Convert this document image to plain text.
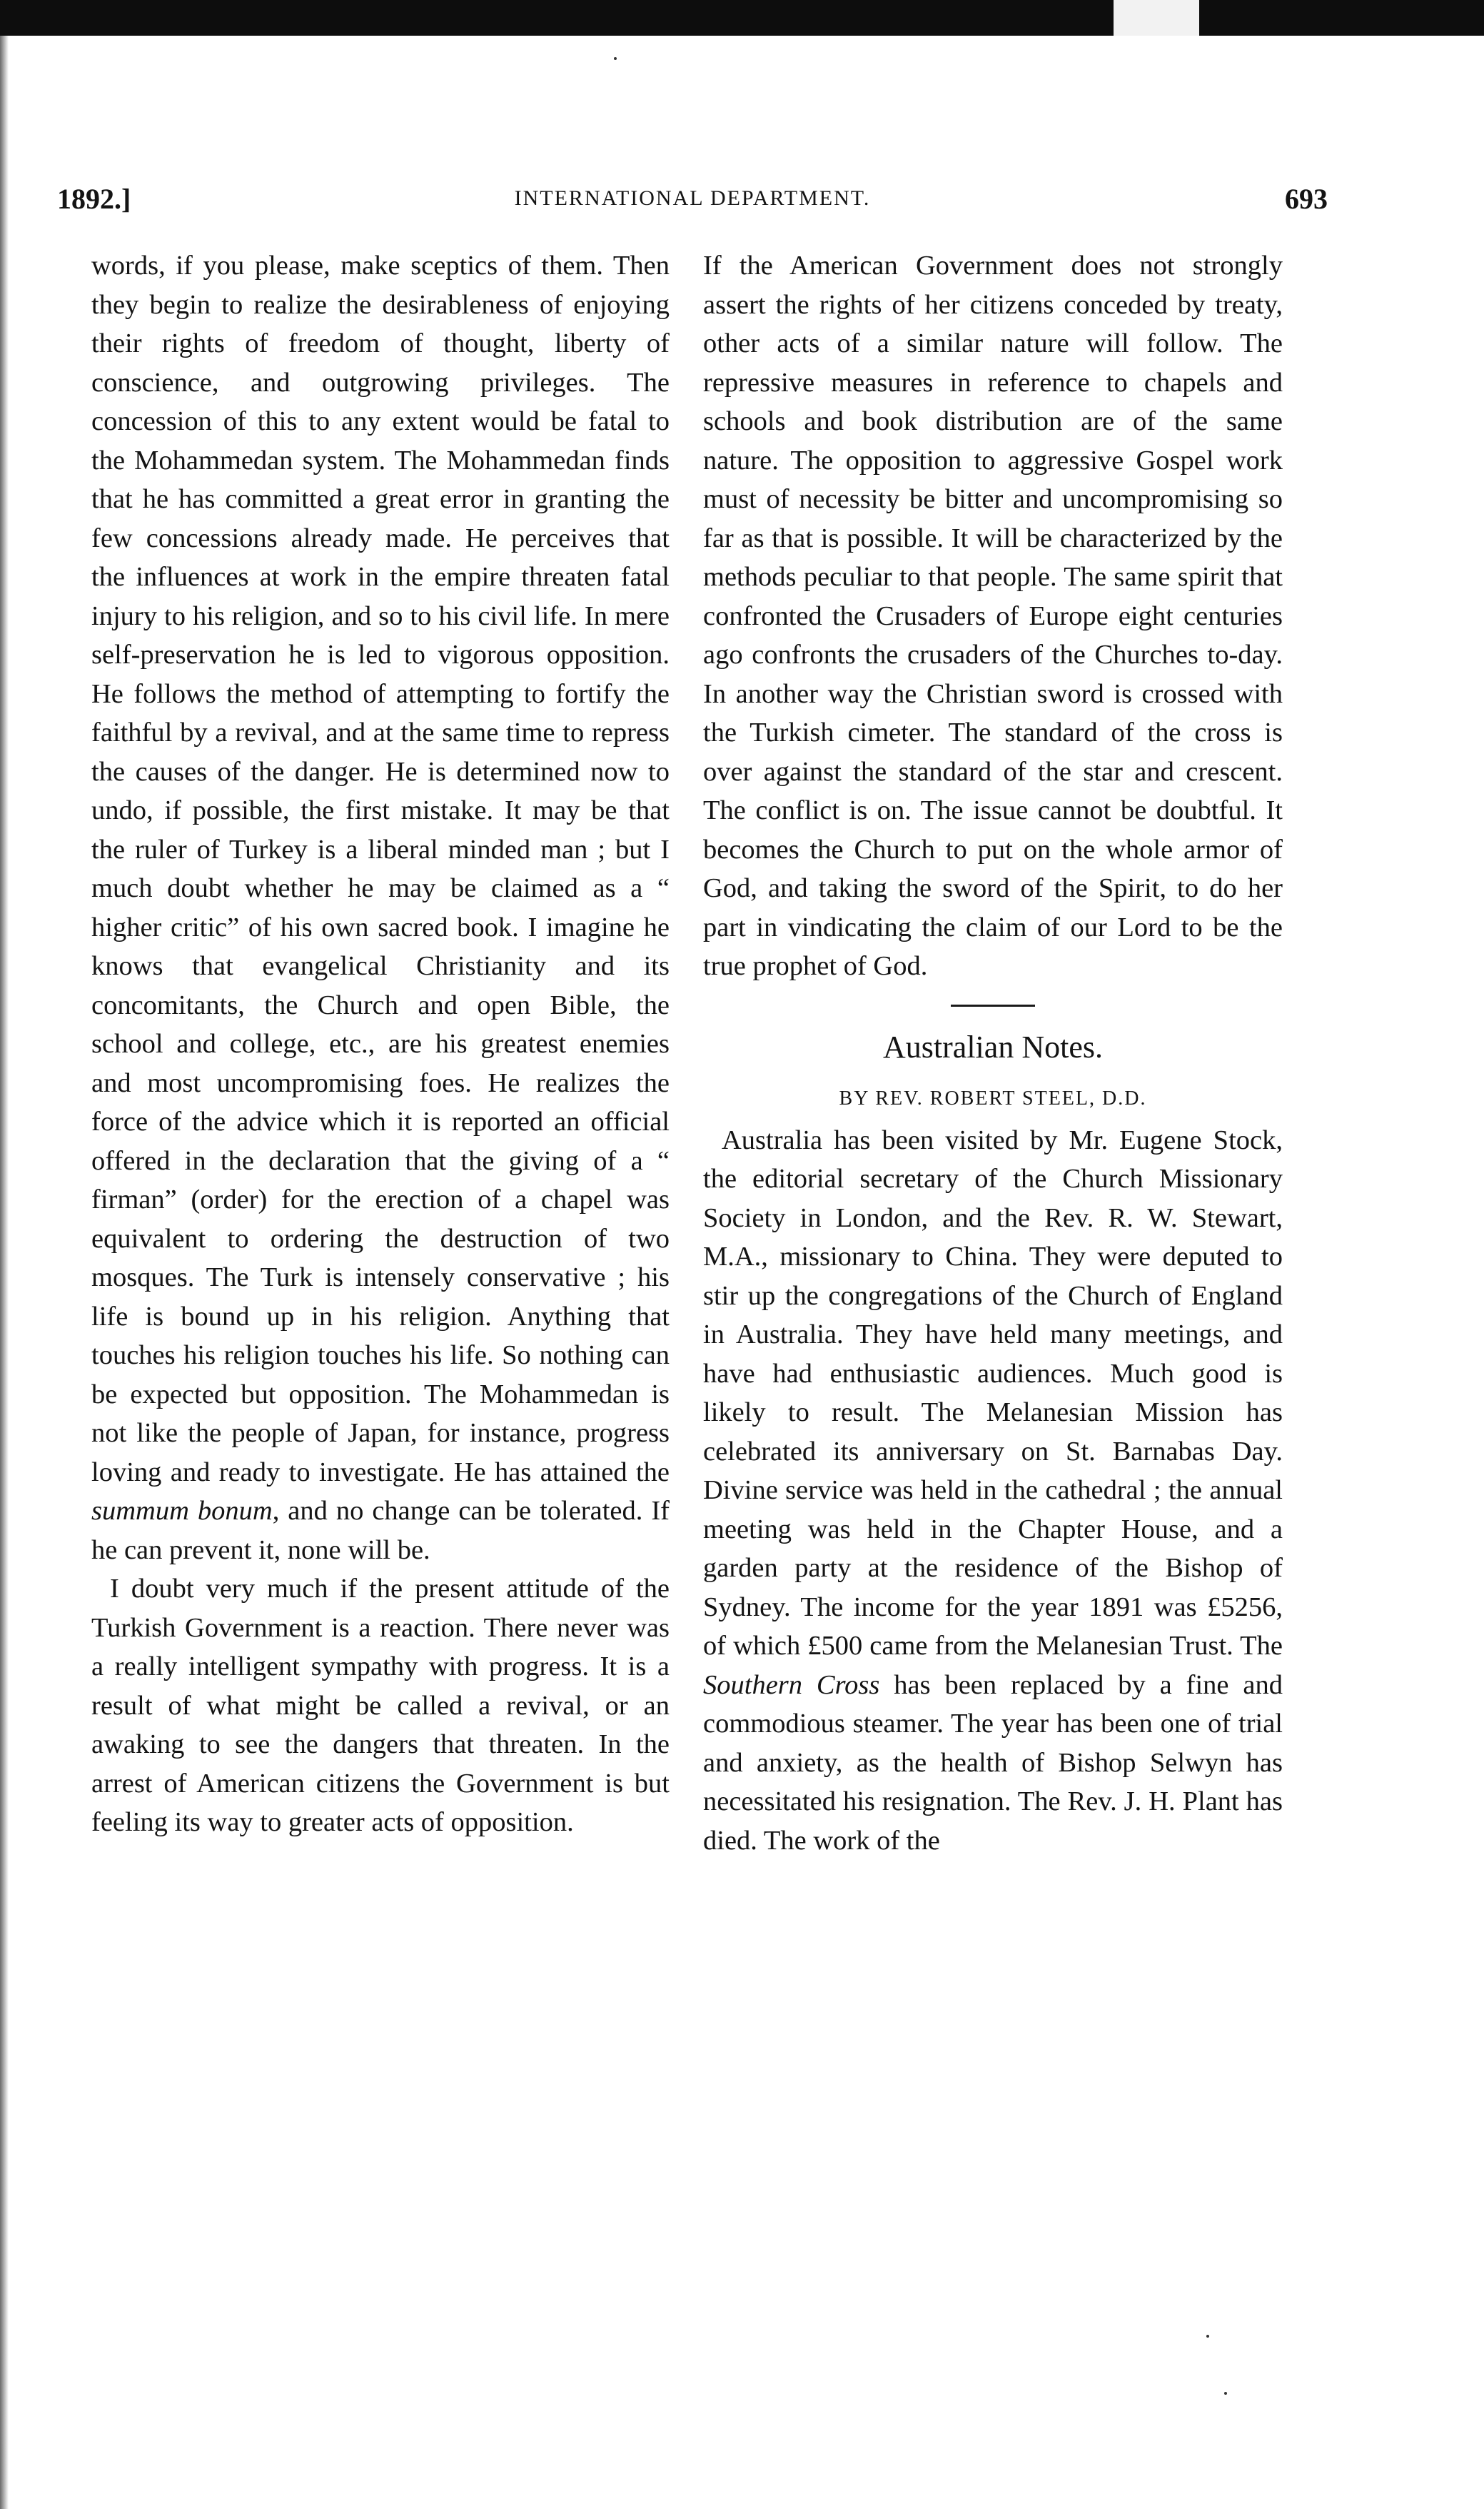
1892.]	INTERNATIONAL DEPARTMENT.	693

words, if you please, make sceptics of them. Then they begin to realize the desirableness of enjoying their rights of freedom of thought, liberty of conscience, and outgrowing privileges. The concession of this to any extent would be fatal to the Mohammedan system. The Mohammedan finds that he has committed a great error in granting the few concessions already made. He perceives that the influences at work in the empire threaten fatal injury to his religion, and so to his civil life. In mere self-preservation he is led to vigorous opposition. He follows the method of attempting to fortify the faithful by a revival, and at the same time to repress the causes of the danger. He is determined now to undo, if possible, the first mistake. It may be that the ruler of Turkey is a liberal minded man ; but I much doubt whether he may be claimed as a “ higher critic” of his own sacred book. I imagine he knows that evangelical Christianity and its concomitants, the Church and open Bible, the school and college, etc., are his greatest enemies and most uncompromising foes. He realizes the force of the advice which it is reported an official offered in the declaration that the giving of a “ firman” (order) for the erection of a chapel was equivalent to ordering the destruction of two mosques. The Turk is intensely conservative ; his life is bound up in his religion. Anything that touches his religion touches his life. So nothing can be expected but opposition. The Mohammedan is not like the people of Japan, for instance, progress loving and ready to investigate. He has attained the summum bonum, and no change can be tolerated. If he can prevent it, none will be.

I doubt very much if the present attitude of the Turkish Government is a reaction. There never was a really intelligent sympathy with progress. It is a result of what might be called a revival, or an awaking to see the dangers that threaten. In the arrest of American citizens the Government is but feeling its way to greater acts of opposition.

If the American Government does not strongly assert the rights of her citizens conceded by treaty, other acts of a similar nature will follow. The repressive measures in reference to chapels and schools and book distribution are of the same nature. The opposition to aggressive Gospel work must of necessity be bitter and uncompromising so far as that is possible. It will be characterized by the methods peculiar to that people. The same spirit that confronted the Crusaders of Europe eight centuries ago confronts the crusaders of the Churches to-day. In another way the Christian sword is crossed with the Turkish cimeter. The standard of the cross is over against the standard of the star and crescent. The conflict is on. The issue cannot be doubtful. It becomes the Church to put on the whole armor of God, and taking the sword of the Spirit, to do her part in vindicating the claim of our Lord to be the true prophet of God.

Australian Notes.
BY REV. ROBERT STEEL, D.D.

Australia has been visited by Mr. Eugene Stock, the editorial secretary of the Church Missionary Society in London, and the Rev. R. W. Stewart, M.A., missionary to China. They were deputed to stir up the congregations of the Church of England in Australia. They have held many meetings, and have had enthusiastic audiences. Much good is likely to result. The Melanesian Mission has celebrated its anniversary on St. Barnabas Day. Divine service was held in the cathedral ; the annual meeting was held in the Chapter House, and a garden party at the residence of the Bishop of Sydney. The income for the year 1891 was £5256, of which £500 came from the Melanesian Trust. The Southern Cross has been replaced by a fine and commodious steamer. The year has been one of trial and anxiety, as the health of Bishop Selwyn has necessitated his resignation. The Rev. J. H. Plant has died. The work of the
